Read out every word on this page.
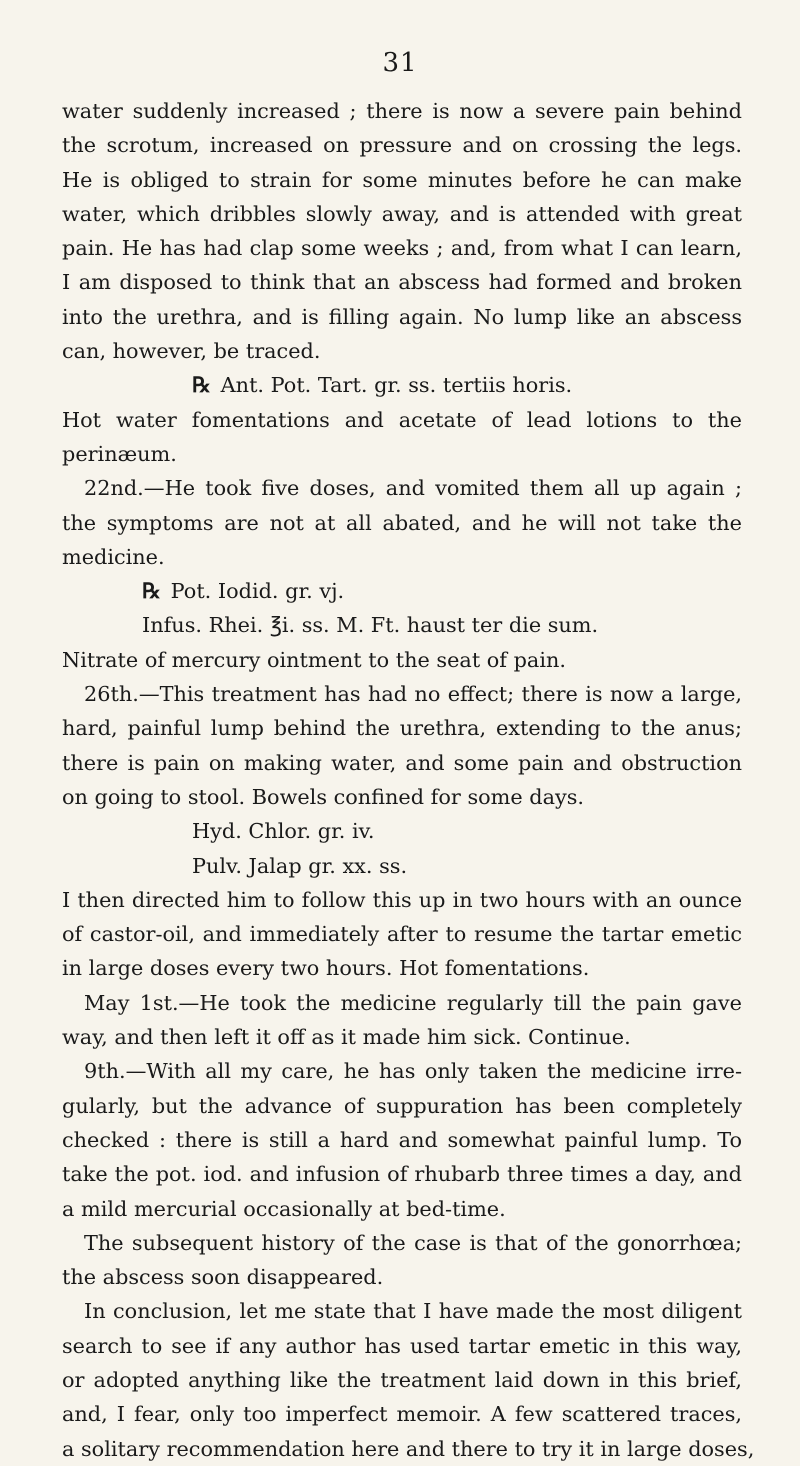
31
water suddenly increased ; there is now a severe pain behind
the scrotum, increased on pressure and on crossing the legs.
He is obliged to strain for some minutes before he can make
water, which dribbles slowly away, and is attended with great
pain. He has had clap some weeks ; and, from what I can learn,
I am disposed to think that an abscess had formed and broken
into the urethra, and is filling again. No lump like an abscess
can, however, be traced.
℞ Ant. Pot. Tart. gr. ss. tertiis horis.
Hot water fomentations and acetate of lead lotions to the
perinæum.
22nd.—He took five doses, and vomited them all up again ;
the symptoms are not at all abated, and he will not take the
medicine.
℞ Pot. Iodid. gr. vj.
Infus. Rhei. ℥i. ss. M. Ft. haust ter die sum.
Nitrate of mercury ointment to the seat of pain.
26th.—This treatment has had no effect; there is now a large,
hard, painful lump behind the urethra, extending to the anus;
there is pain on making water, and some pain and obstruction
on going to stool. Bowels confined for some days.
Hyd. Chlor. gr. iv.
Pulv. Jalap gr. xx. ss.
I then directed him to follow this up in two hours with an ounce
of castor-oil, and immediately after to resume the tartar emetic
in large doses every two hours. Hot fomentations.
May 1st.—He took the medicine regularly till the pain gave
way, and then left it off as it made him sick. Continue.
9th.—With all my care, he has only taken the medicine irre-
gularly, but the advance of suppuration has been completely
checked : there is still a hard and somewhat painful lump. To
take the pot. iod. and infusion of rhubarb three times a day, and
a mild mercurial occasionally at bed-time.
The subsequent history of the case is that of the gonorrhœa;
the abscess soon disappeared.
In conclusion, let me state that I have made the most diligent
search to see if any author has used tartar emetic in this way,
or adopted anything like the treatment laid down in this brief,
and, I fear, only too imperfect memoir. A few scattered traces,
a solitary recommendation here and there to try it in large doses,
